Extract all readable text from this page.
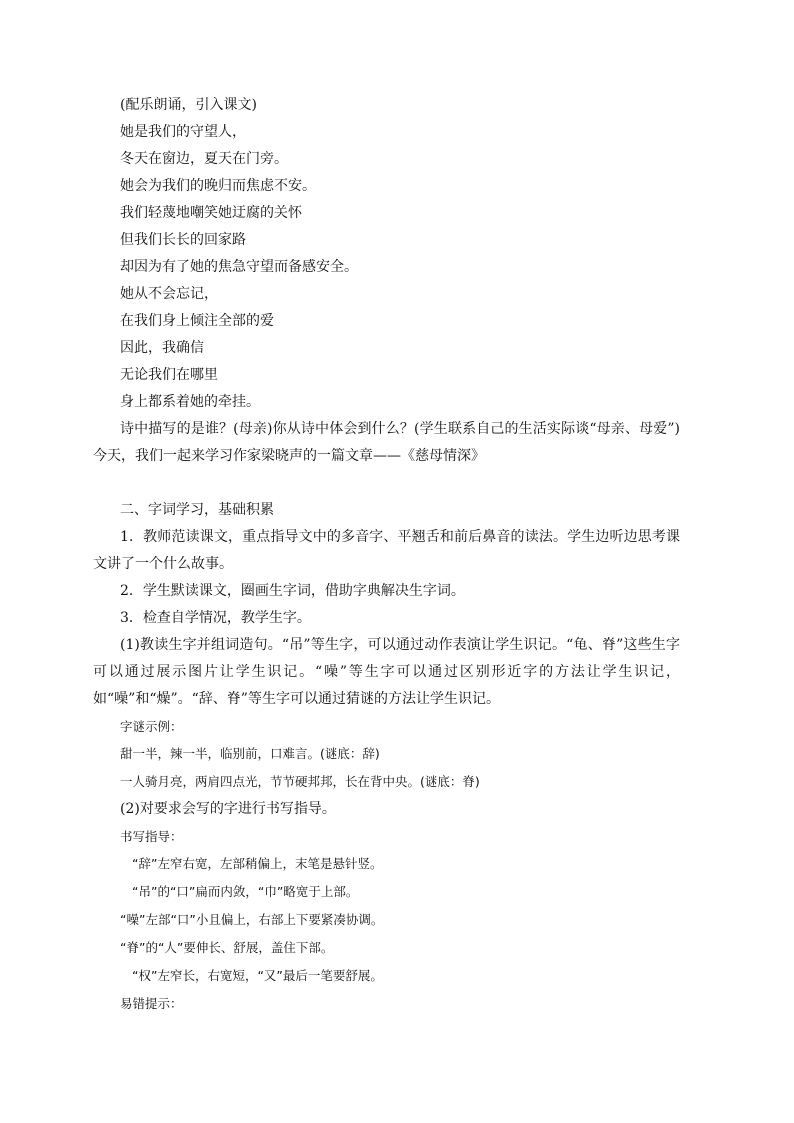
(配乐朗诵，引入课文)
她是我们的守望人，
冬天在窗边，夏天在门旁。
她会为我们的晚归而焦虑不安。
我们轻蔑地嘲笑她迂腐的关怀
但我们长长的回家路
却因为有了她的焦急守望而备感安全。
她从不会忘记，
在我们身上倾注全部的爱
因此，我确信
无论我们在哪里
身上都系着她的牵挂。
诗中描写的是谁？(母亲)你从诗中体会到什么？(学生联系自己的生活实际谈“母亲、母爱”)今天，我们一起来学习作家梁晓声的一篇文章——《慈母情深》
二、字词学习，基础积累
1．教师范读课文，重点指导文中的多音字、平翘舌和前后鼻音的读法。学生边听边思考课文讲了一个什么故事。
2．学生默读课文，圈画生字词，借助字典解决生字词。
3．检查自学情况，教学生字。
(1)教读生字并组词造句。“吊”等生字，可以通过动作表演让学生识记。“龟、脊”这些生字可以通过展示图片让学生识记。“噪”等生字可以通过区别形近字的方法让学生识记，如“噪”和“燥”。“辞、脊”等生字可以通过猜谜的方法让学生识记。
字谜示例：
甜一半，辣一半，临别前，口难言。(谜底：辞)
一人骑月亮，两肩四点光，节节硬邦邦，长在背中央。(谜底：脊)
(2)对要求会写的字进行书写指导。
书写指导：
“辞”左窄右宽，左部稍偏上，末笔是悬针竖。
“吊”的“口”扁而内敛，“巾”略宽于上部。
“噪”左部“口”小且偏上，右部上下要紧凑协调。
“脊”的“人”要伸长、舒展，盖住下部。
“权”左窄长，右宽短，“又”最后一笔要舒展。
易错提示：
